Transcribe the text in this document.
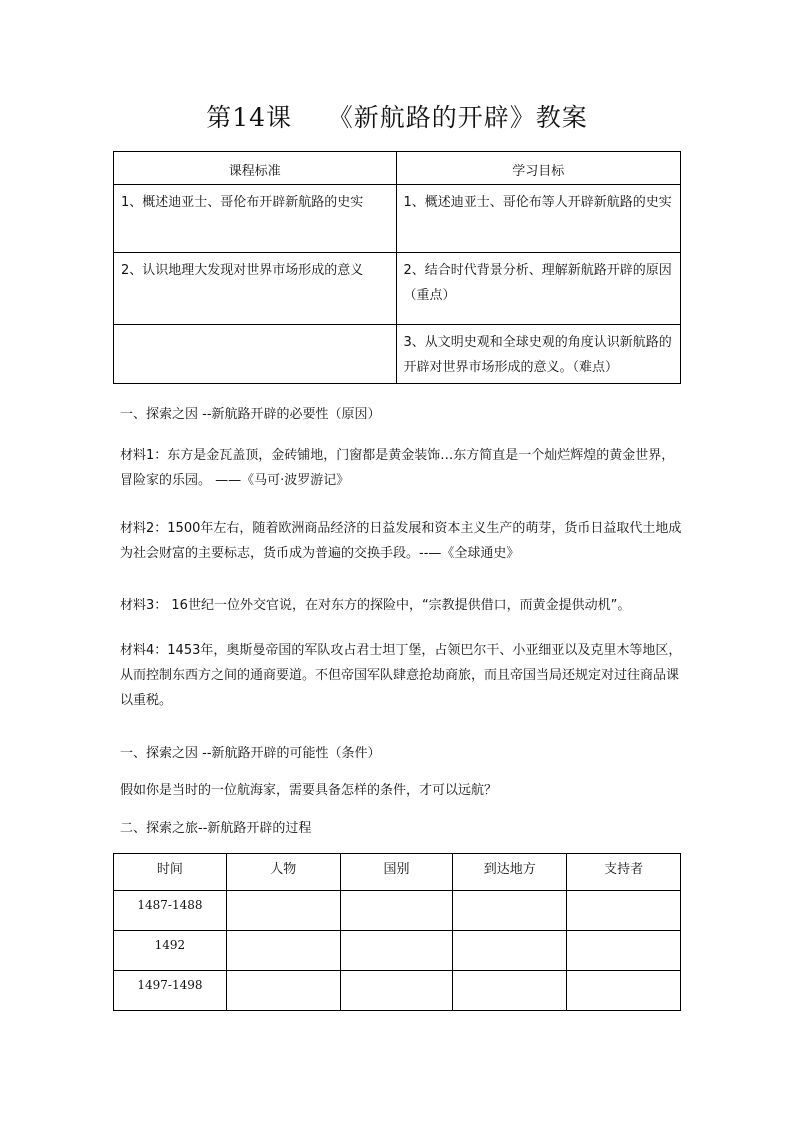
第14课    《新航路的开辟》教案
课程标准	学习目标
1、概述迪亚士、哥伦布开辟新航路的史实	1、概述迪亚士、哥伦布等人开辟新航路的史实
2、认识地理大发现对世界市场形成的意义	2、结合时代背景分析、理解新航路开辟的原因（重点）
	3、从文明史观和全球史观的角度认识新航路的开辟对世界市场形成的意义。（难点）

一、探索之因 --新航路开辟的必要性（原因）

材料1：东方是金瓦盖顶，金砖铺地，门窗都是黄金装饰…东方简直是一个灿烂辉煌的黄金世界，冒险家的乐园。 ——《马可·波罗游记》

材料2：1500年左右，随着欧洲商品经济的日益发展和资本主义生产的萌芽，货币日益取代土地成为社会财富的主要标志，货币成为普遍的交换手段。--—《全球通史》

材料3： 16世纪一位外交官说，在对东方的探险中，“宗教提供借口，而黄金提供动机”。

材料4：1453年，奥斯曼帝国的军队攻占君士坦丁堡，占领巴尔干、小亚细亚以及克里木等地区，从而控制东西方之间的通商要道。不但帝国军队肆意抢劫商旅，而且帝国当局还规定对过往商品课以重税。

一、探索之因 --新航路开辟的可能性（条件）

假如你是当时的一位航海家，需要具备怎样的条件，才可以远航？

二、探索之旅--新航路开辟的过程

时间	人物	国别	到达地方	支持者
1487-1488				
1492				
1497-1498				
